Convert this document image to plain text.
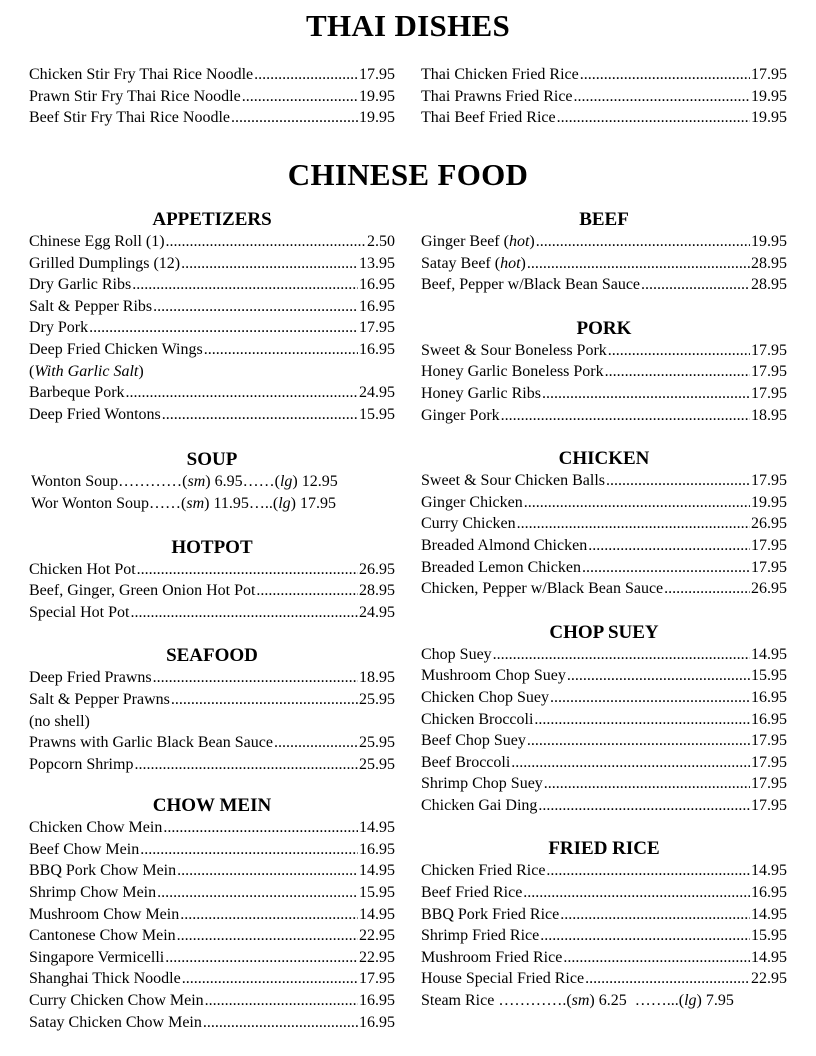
THAI DISHES
Chicken Stir Fry Thai Rice Noodle .....	17.95
Prawn Stir Fry Thai Rice Noodle .....	19.95
Beef Stir Fry Thai Rice Noodle .....	19.95
Thai Chicken Fried Rice .....	17.95
Thai Prawns Fried Rice .....	19.95
Thai Beef Fried Rice .....	19.95
CHINESE FOOD
APPETIZERS
Chinese Egg Roll (1) .....	2.50
Grilled Dumplings (12) .....	13.95
Dry Garlic Ribs .....	16.95
Salt & Pepper Ribs .....	16.95
Dry Pork .....	17.95
Deep Fried Chicken Wings .....	16.95
(With Garlic Salt)
Barbeque Pork .....	24.95
Deep Fried Wontons .....	15.95
SOUP
Wonton Soup…………(sm) 6.95……(lg) 12.95
Wor Wonton Soup……(sm) 11.95…..(lg) 17.95
HOTPOT
Chicken Hot Pot .....	26.95
Beef, Ginger, Green Onion Hot Pot .....	28.95
Special Hot Pot .....	24.95
SEAFOOD
Deep Fried Prawns .....	18.95
Salt & Pepper Prawns .....	25.95
(no shell)
Prawns with Garlic Black Bean Sauce .....	25.95
Popcorn Shrimp .....	25.95
CHOW MEIN
Chicken Chow Mein .....	14.95
Beef Chow Mein .....	16.95
BBQ Pork Chow Mein .....	14.95
Shrimp Chow Mein .....	15.95
Mushroom Chow Mein .....	14.95
Cantonese Chow Mein .....	22.95
Singapore Vermicelli .....	22.95
Shanghai Thick Noodle .....	17.95
Curry Chicken Chow Mein .....	16.95
Satay Chicken Chow Mein .....	16.95
BEEF
Ginger Beef (hot) .....	19.95
Satay Beef (hot) .....	28.95
Beef, Pepper w/Black Bean Sauce .....	28.95
PORK
Sweet & Sour Boneless Pork .....	17.95
Honey Garlic Boneless Pork .....	17.95
Honey Garlic Ribs .....	17.95
Ginger Pork .....	18.95
CHICKEN
Sweet & Sour Chicken Balls .....	17.95
Ginger Chicken .....	19.95
Curry Chicken .....	26.95
Breaded Almond Chicken .....	17.95
Breaded Lemon Chicken .....	17.95
Chicken, Pepper w/Black Bean Sauce .....	26.95
CHOP SUEY
Chop Suey .....	14.95
Mushroom Chop Suey .....	15.95
Chicken Chop Suey .....	16.95
Chicken Broccoli .....	16.95
Beef Chop Suey .....	17.95
Beef Broccoli .....	17.95
Shrimp Chop Suey .....	17.95
Chicken Gai Ding .....	17.95
FRIED RICE
Chicken Fried Rice .....	14.95
Beef Fried Rice .....	16.95
BBQ Pork Fried Rice .....	14.95
Shrimp Fried Rice .....	15.95
Mushroom Fried Rice .....	14.95
House Special Fried Rice .....	22.95
Steam Rice ………….(sm) 6.25 ……...(lg) 7.95
